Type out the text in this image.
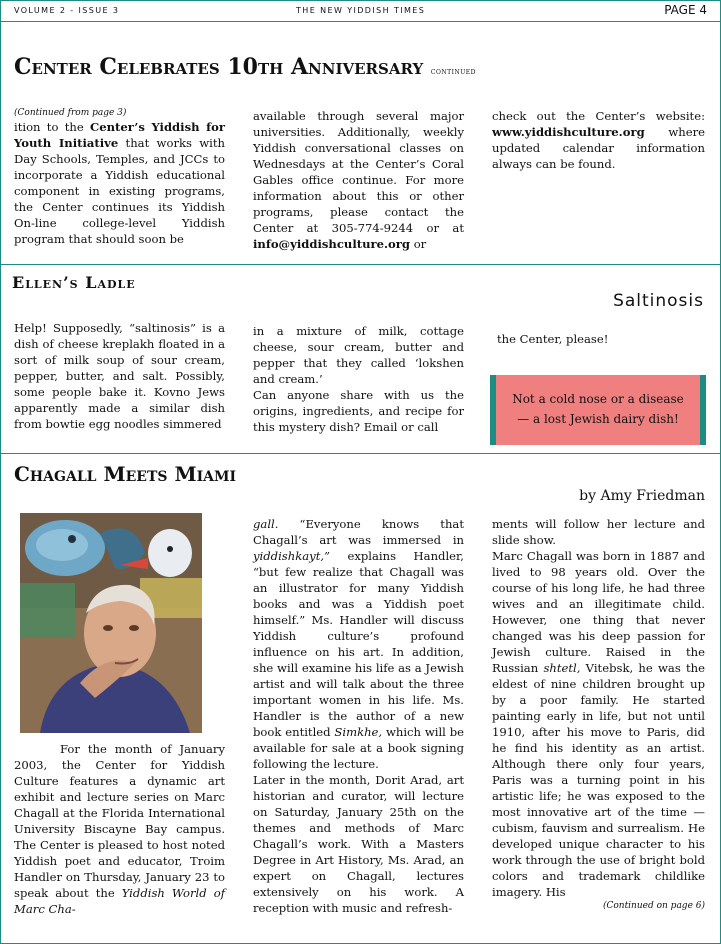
VOLUME 2 - ISSUE 3	THE NEW YIDDISH TIMES	PAGE 4
Center Celebrates 10th Anniversary continued
(Continued from page 3)
ition to the Center’s Yiddish for Youth Initiative that works with Day Schools, Temples, and JCCs to incorporate a Yiddish educational component in existing programs, the Center continues its Yiddish On-line college-level Yiddish program that should soon be
available through several major universities. Additionally, weekly Yiddish conversational classes on Wednesdays at the Center’s Coral Gables office continue. For more information about this or other programs, please contact the Center at 305-774-9244 or at info@yiddishculture.org or
check out the Center’s website: www.yiddishculture.org where updated calendar information always can be found.
Ellen’s Ladle
Saltinosis
Help! Supposedly, “saltinosis” is a dish of cheese kreplakh floated in a sort of milk soup of sour cream, pepper, butter, and salt. Possibly, some people bake it. Kovno Jews apparently made a similar dish from bowtie egg noodles simmered

in a mixture of milk, cottage cheese, sour cream, butter and pepper that they called ‘lokshen and cream.’

Can anyone share with us the origins, ingredients, and recipe for this mystery dish? Email or call

the Center, please!
Not a cold nose or a disease
— a lost Jewish dairy dish!
Chagall Meets Miami
by Amy Friedman
For the month of January 2003, the Center for Yiddish Culture features a dynamic art exhibit and lecture series on Marc Chagall at the Florida International University Biscayne Bay campus. The Center is pleased to host noted Yiddish poet and educator, Troim Handler on Thursday, January 23 to speak about the Yiddish World of Marc Cha-

gall. “Everyone knows that Chagall’s art was immersed in yiddishkayt,” explains Handler, “but few realize that Chagall was an illustrator for many Yiddish books and was a Yiddish poet himself.” Ms. Handler will discuss Yiddish culture’s profound influence on his art. In addition, she will examine his life as a Jewish artist and will talk about the three important women in his life. Ms. Handler is the author of a new book entitled Simkhe, which will be available for sale at a book signing following the lecture.

Later in the month, Dorit Arad, art historian and curator, will lecture on Saturday, January 25th on the themes and methods of Marc Chagall’s work. With a Masters Degree in Art History, Ms. Arad, an expert on Chagall, lectures extensively on his work. A reception with music and refresh-

ments will follow her lecture and slide show.

Marc Chagall was born in 1887 and lived to 98 years old. Over the course of his long life, he had three wives and an illegitimate child. However, one thing that never changed was his deep passion for Jewish culture. Raised in the Russian shtetl, Vitebsk, he was the eldest of nine children brought up by a poor family. He started painting early in life, but not until 1910, after his move to Paris, did he find his identity as an artist. Although there only four years, Paris was a turning point in his artistic life; he was exposed to the most innovative art of the time — cubism, fauvism and surrealism. He developed unique character to his work through the use of bright bold colors and trademark childlike imagery. His

(Continued on page 6)
